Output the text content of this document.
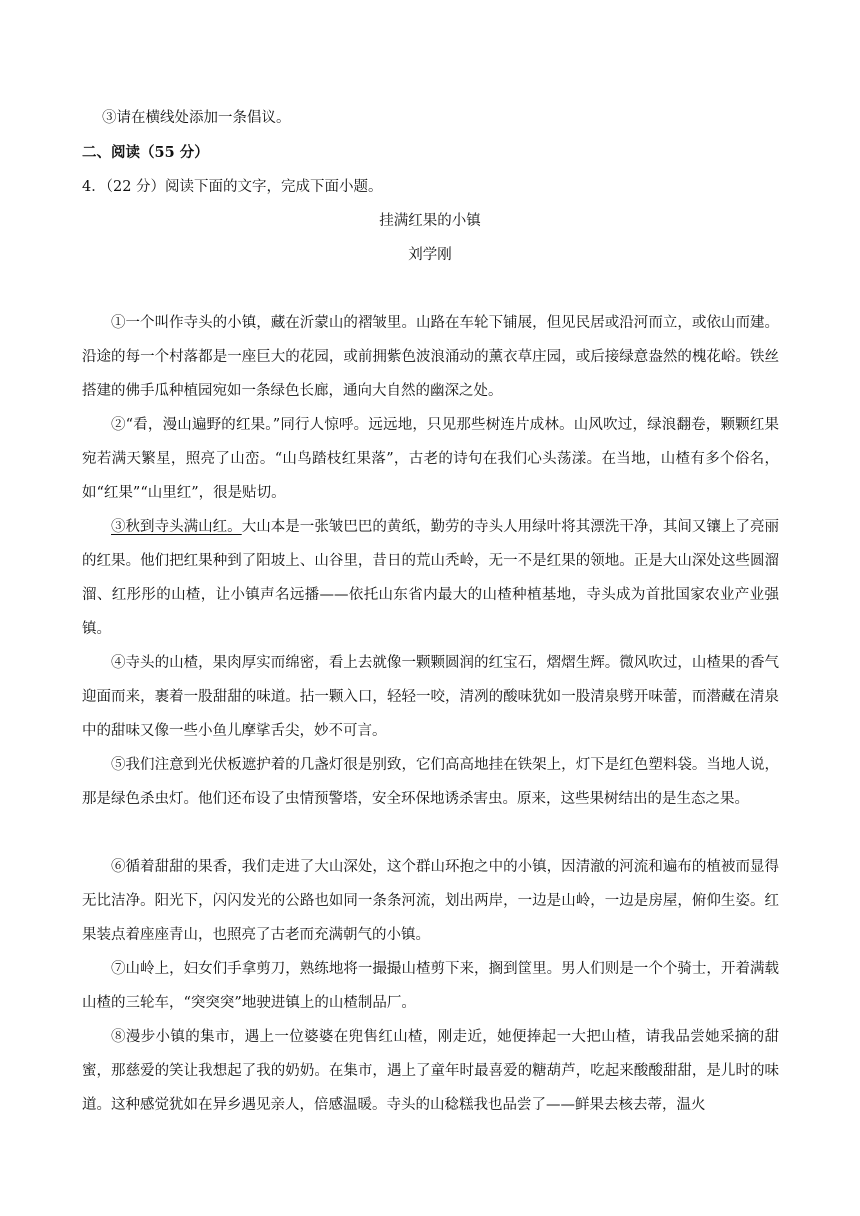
③请在横线处添加一条倡议。
二、阅读（55 分）
4．（22 分）阅读下面的文字，完成下面小题。
挂满红果的小镇
刘学刚

①一个叫作寺头的小镇，藏在沂蒙山的褶皱里。山路在车轮下铺展，但见民居或沿河而立，或依山而建。沿途的每一个村落都是一座巨大的花园，或前拥紫色波浪涌动的薰衣草庄园，或后接绿意盎然的槐花峪。铁丝搭建的佛手瓜种植园宛如一条绿色长廊，通向大自然的幽深之处。

②“看，漫山遍野的红果。”同行人惊呼。远远地，只见那些树连片成林。山风吹过，绿浪翻卷，颗颗红果宛若满天繁星，照亮了山峦。“山鸟踏枝红果落”，古老的诗句在我们心头荡漾。在当地，山楂有多个俗名，如“红果”“山里红”，很是贴切。

③秋到寺头满山红。大山本是一张皱巴巴的黄纸，勤劳的寺头人用绿叶将其漂洗干净，其间又镶上了亮丽的红果。他们把红果种到了阳坡上、山谷里，昔日的荒山秃岭，无一不是红果的领地。正是大山深处这些圆溜溜、红彤彤的山楂，让小镇声名远播——依托山东省内最大的山楂种植基地，寺头成为首批国家农业产业强镇。

④寺头的山楂，果肉厚实而绵密，看上去就像一颗颗圆润的红宝石，熠熠生辉。微风吹过，山楂果的香气迎面而来，裹着一股甜甜的味道。拈一颗入口，轻轻一咬，清冽的酸味犹如一股清泉劈开味蕾，而潜藏在清泉中的甜味又像一些小鱼儿摩挲舌尖，妙不可言。

⑤我们注意到光伏板遮护着的几盏灯很是别致，它们高高地挂在铁架上，灯下是红色塑料袋。当地人说，那是绿色杀虫灯。他们还布设了虫情预警塔，安全环保地诱杀害虫。原来，这些果树结出的是生态之果。

⑥循着甜甜的果香，我们走进了大山深处，这个群山环抱之中的小镇，因清澈的河流和遍布的植被而显得无比洁净。阳光下，闪闪发光的公路也如同一条条河流，划出两岸，一边是山岭，一边是房屋，俯仰生姿。红果装点着座座青山，也照亮了古老而充满朝气的小镇。

⑦山岭上，妇女们手拿剪刀，熟练地将一撮撮山楂剪下来，搁到筐里。男人们则是一个个骑士，开着满载山楂的三轮车，“突突突”地驶进镇上的山楂制品厂。

⑧漫步小镇的集市，遇上一位婆婆在兜售红山楂，刚走近，她便捧起一大把山楂，请我品尝她采摘的甜蜜，那慈爱的笑让我想起了我的奶奶。在集市，遇上了童年时最喜爱的糖葫芦，吃起来酸酸甜甜，是儿时的味道。这种感觉犹如在异乡遇见亲人，倍感温暖。寺头的山稔糕我也品尝了——鲜果去核去蒂，温火
